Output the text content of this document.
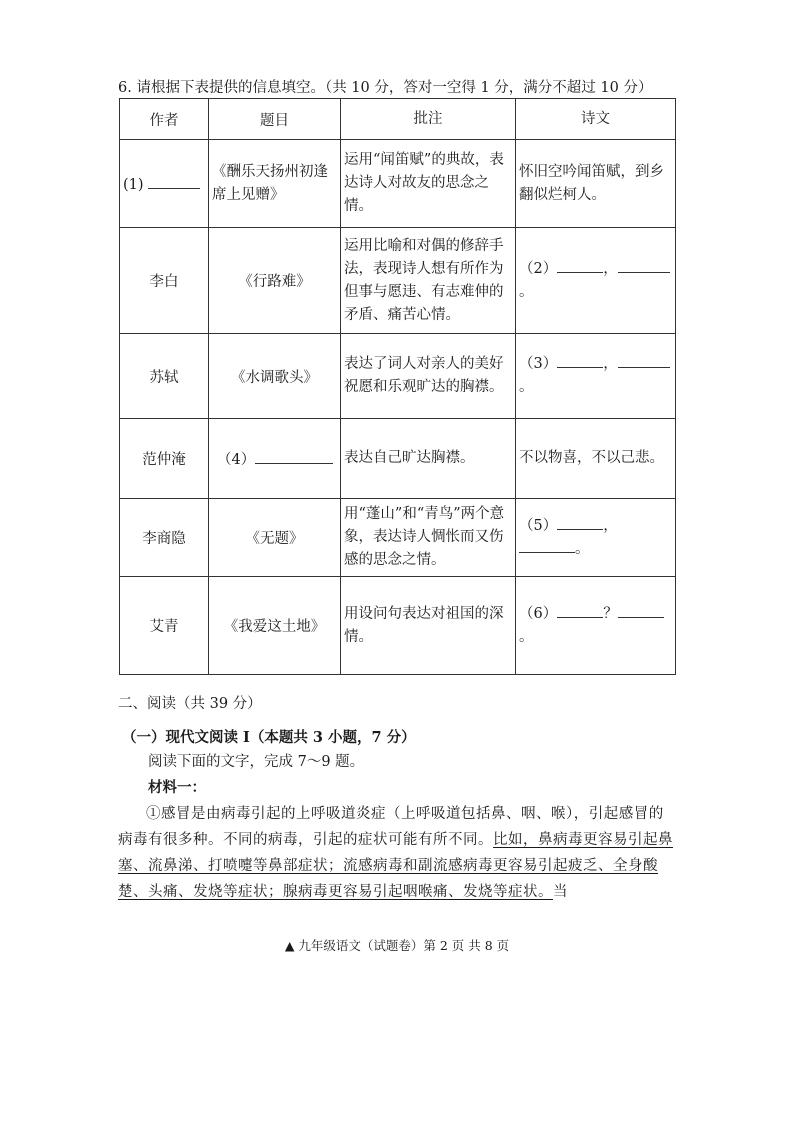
6. 请根据下表提供的信息填空。（共 10 分，答对一空得 1 分，满分不超过 10 分）
作者	题目	批注	诗文
(1)	《酬乐天扬州初逢席上见赠》	运用“闻笛赋”的典故，表达诗人对故友的思念之情。	怀旧空吟闻笛赋，到乡翻似烂柯人。
李白	《行路难》	运用比喻和对偶的修辞手法，表现诗人想有所作为但事与愿违、有志难伸的矛盾、痛苦心情。	（2） ，。
苏轼	《水调歌头》	表达了词人对亲人的美好祝愿和乐观旷达的胸襟。	（3） ，。
范仲淹	（4）	表达自己旷达胸襟。	不以物喜，不以己悲。
李商隐	《无题》	用“蓬山”和“青鸟”两个意象，表达诗人惆怅而又伤感的思念之情。	（5） ，。
艾青	《我爱这土地》	用设问句表达对祖国的深情。	（6） ？。
二、阅读（共 39 分）
（一）现代文阅读 I（本题共 3 小题，7 分）
阅读下面的文字，完成 7～9 题。
材料一：
①感冒是由病毒引起的上呼吸道炎症（上呼吸道包括鼻、咽、喉），引起感冒的病毒有很多种。不同的病毒，引起的症状可能有所不同。比如，鼻病毒更容易引起鼻塞、流鼻涕、打喷嚏等鼻部症状；流感病毒和副流感病毒更容易引起疲乏、全身酸楚、头痛、发烧等症状；腺病毒更容易引起咽喉痛、发烧等症状。当
▲ 九年级语文（试题卷）第 2 页 共 8 页
